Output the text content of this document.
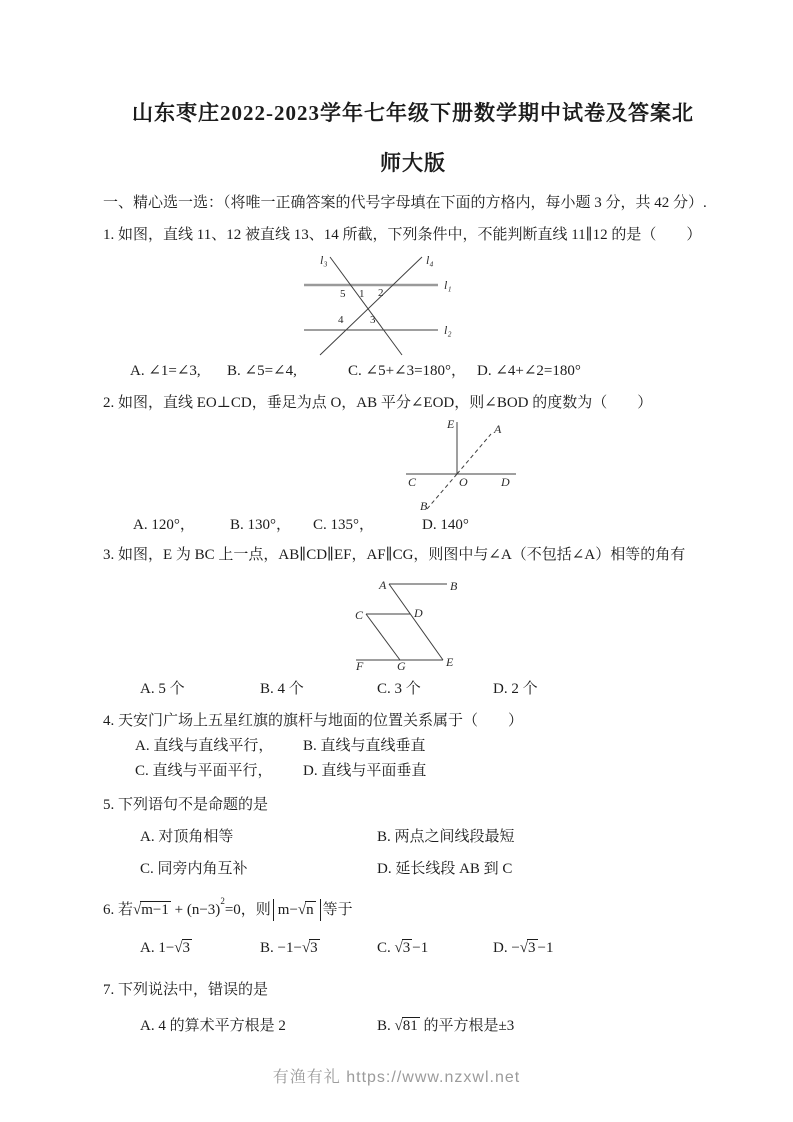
山东枣庄2022-2023学年七年级下册数学期中试卷及答案北
师大版

一、精心选一选：（将唯一正确答案的代号字母填在下面的方格内，每小题 3 分，共 42 分）.

1. 如图，直线 11、12 被直线 13、14 所截，下列条件中，不能判断直线 11∥12 的是（　　）

l₃	l₄
l₁
l₂
5 1 2
4 3
A. ∠1=∠3,	B. ∠5=∠4,	C. ∠5+∠3=180°， D. ∠4+∠2=180°

2. 如图，直线 EO⊥CD，垂足为点 O，AB 平分∠EOD，则∠BOD 的度数为（　　）

E	A
C	O	D
B
A. 120°，	B. 130°，	C. 135°，	D. 140°

3. 如图，E 为 BC 上一点，AB∥CD∥EF，AF∥CG，则图中与∠A（不包括∠A）相等的角有

A	B
C	D
F	G	E
A. 5 个	B. 4 个	C. 3 个	D. 2 个

4. 天安门广场上五星红旗的旗杆与地面的位置关系属于（　　）

A. 直线与直线平行，	B. 直线与直线垂直
C. 直线与平面平行，	D. 直线与平面垂直

5. 下列语句不是命题的是

A. 对顶角相等	B. 两点之间线段最短
C. 同旁内角互补	D. 延长线段 AB 到 C

6. 若$√m-1 + (n-3)^2=0$，则 m−√n 等于

A. 1−√3	B. −1−√3	C. √3 −1	D. −√3 −1

7. 下列说法中，错误的是

A. 4 的算术平方根是 2	B. √81 的平方根是±3
有渔有礼 https://www.nzxwl.net
